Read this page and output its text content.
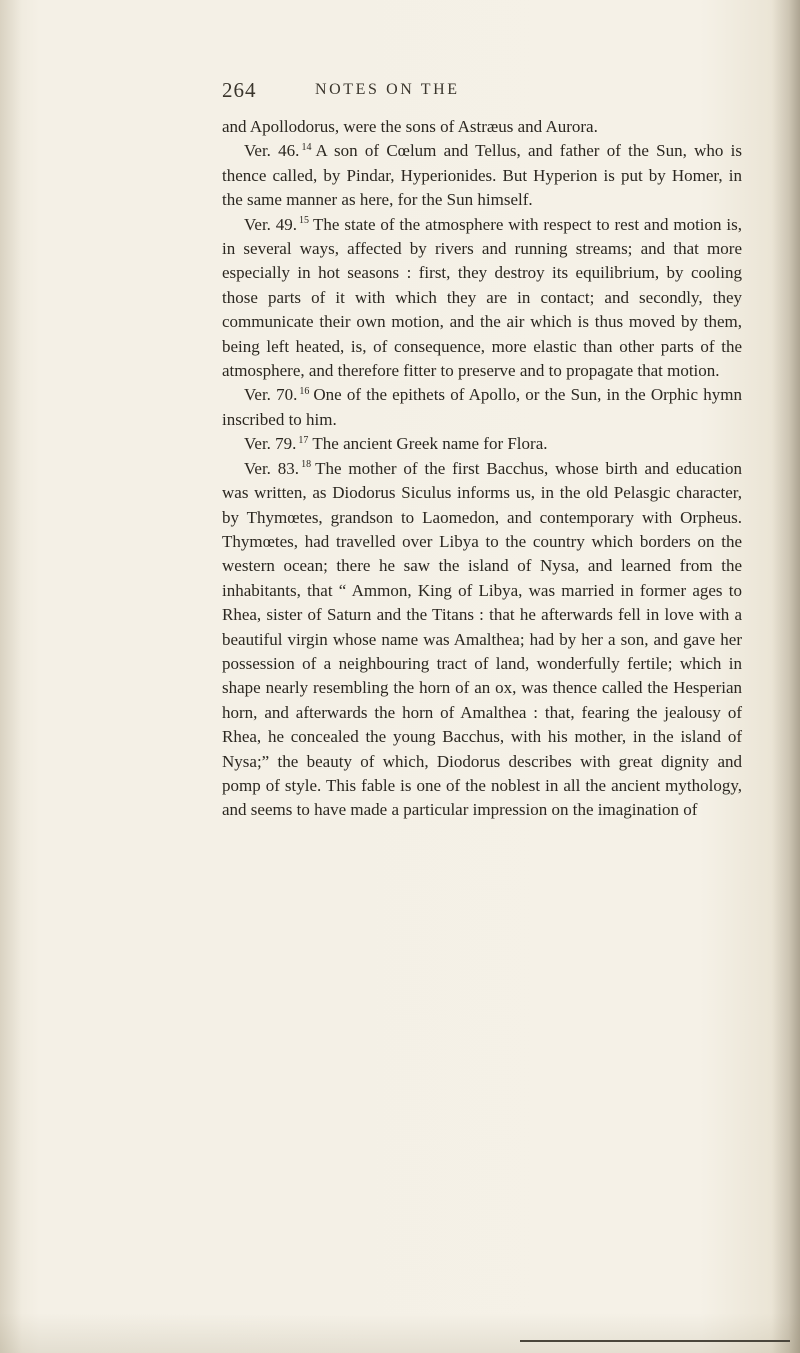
264	NOTES ON THE

and Apollodorus, were the sons of Astræus and Aurora.

Ver. 46. $^{14}$ A son of Cœlum and Tellus, and father of the Sun, who is thence called, by Pindar, Hyperionides. But Hyperion is put by Homer, in the same manner as here, for the Sun himself.

Ver. 49. $^{15}$ The state of the atmosphere with respect to rest and motion is, in several ways, affected by rivers and running streams; and that more especially in hot seasons : first, they destroy its equilibrium, by cooling those parts of it with which they are in contact; and secondly, they communicate their own motion, and the air which is thus moved by them, being left heated, is, of consequence, more elastic than other parts of the atmosphere, and therefore fitter to preserve and to propagate that motion.

Ver. 70. $^{16}$ One of the epithets of Apollo, or the Sun, in the Orphic hymn inscribed to him.

Ver. 79. $^{17}$ The ancient Greek name for Flora.

Ver. 83. $^{18}$ The mother of the first Bacchus, whose birth and education was written, as Diodorus Siculus informs us, in the old Pelasgic character, by Thymœtes, grandson to Laomedon, and contemporary with Orpheus. Thymœtes, had travelled over Libya to the country which borders on the western ocean; there he saw the island of Nysa, and learned from the inhabitants, that “ Ammon, King of Libya, was married in former ages to Rhea, sister of Saturn and the Titans : that he afterwards fell in love with a beautiful virgin whose name was Amalthea; had by her a son, and gave her possession of a neighbouring tract of land, wonderfully fertile; which in shape nearly resembling the horn of an ox, was thence called the Hesperian horn, and afterwards the horn of Amalthea : that, fearing the jealousy of Rhea, he concealed the young Bacchus, with his mother, in the island of Nysa;” the beauty of which, Diodorus describes with great dignity and pomp of style. This fable is one of the noblest in all the ancient mythology, and seems to have made a particular impression on the imagination of
